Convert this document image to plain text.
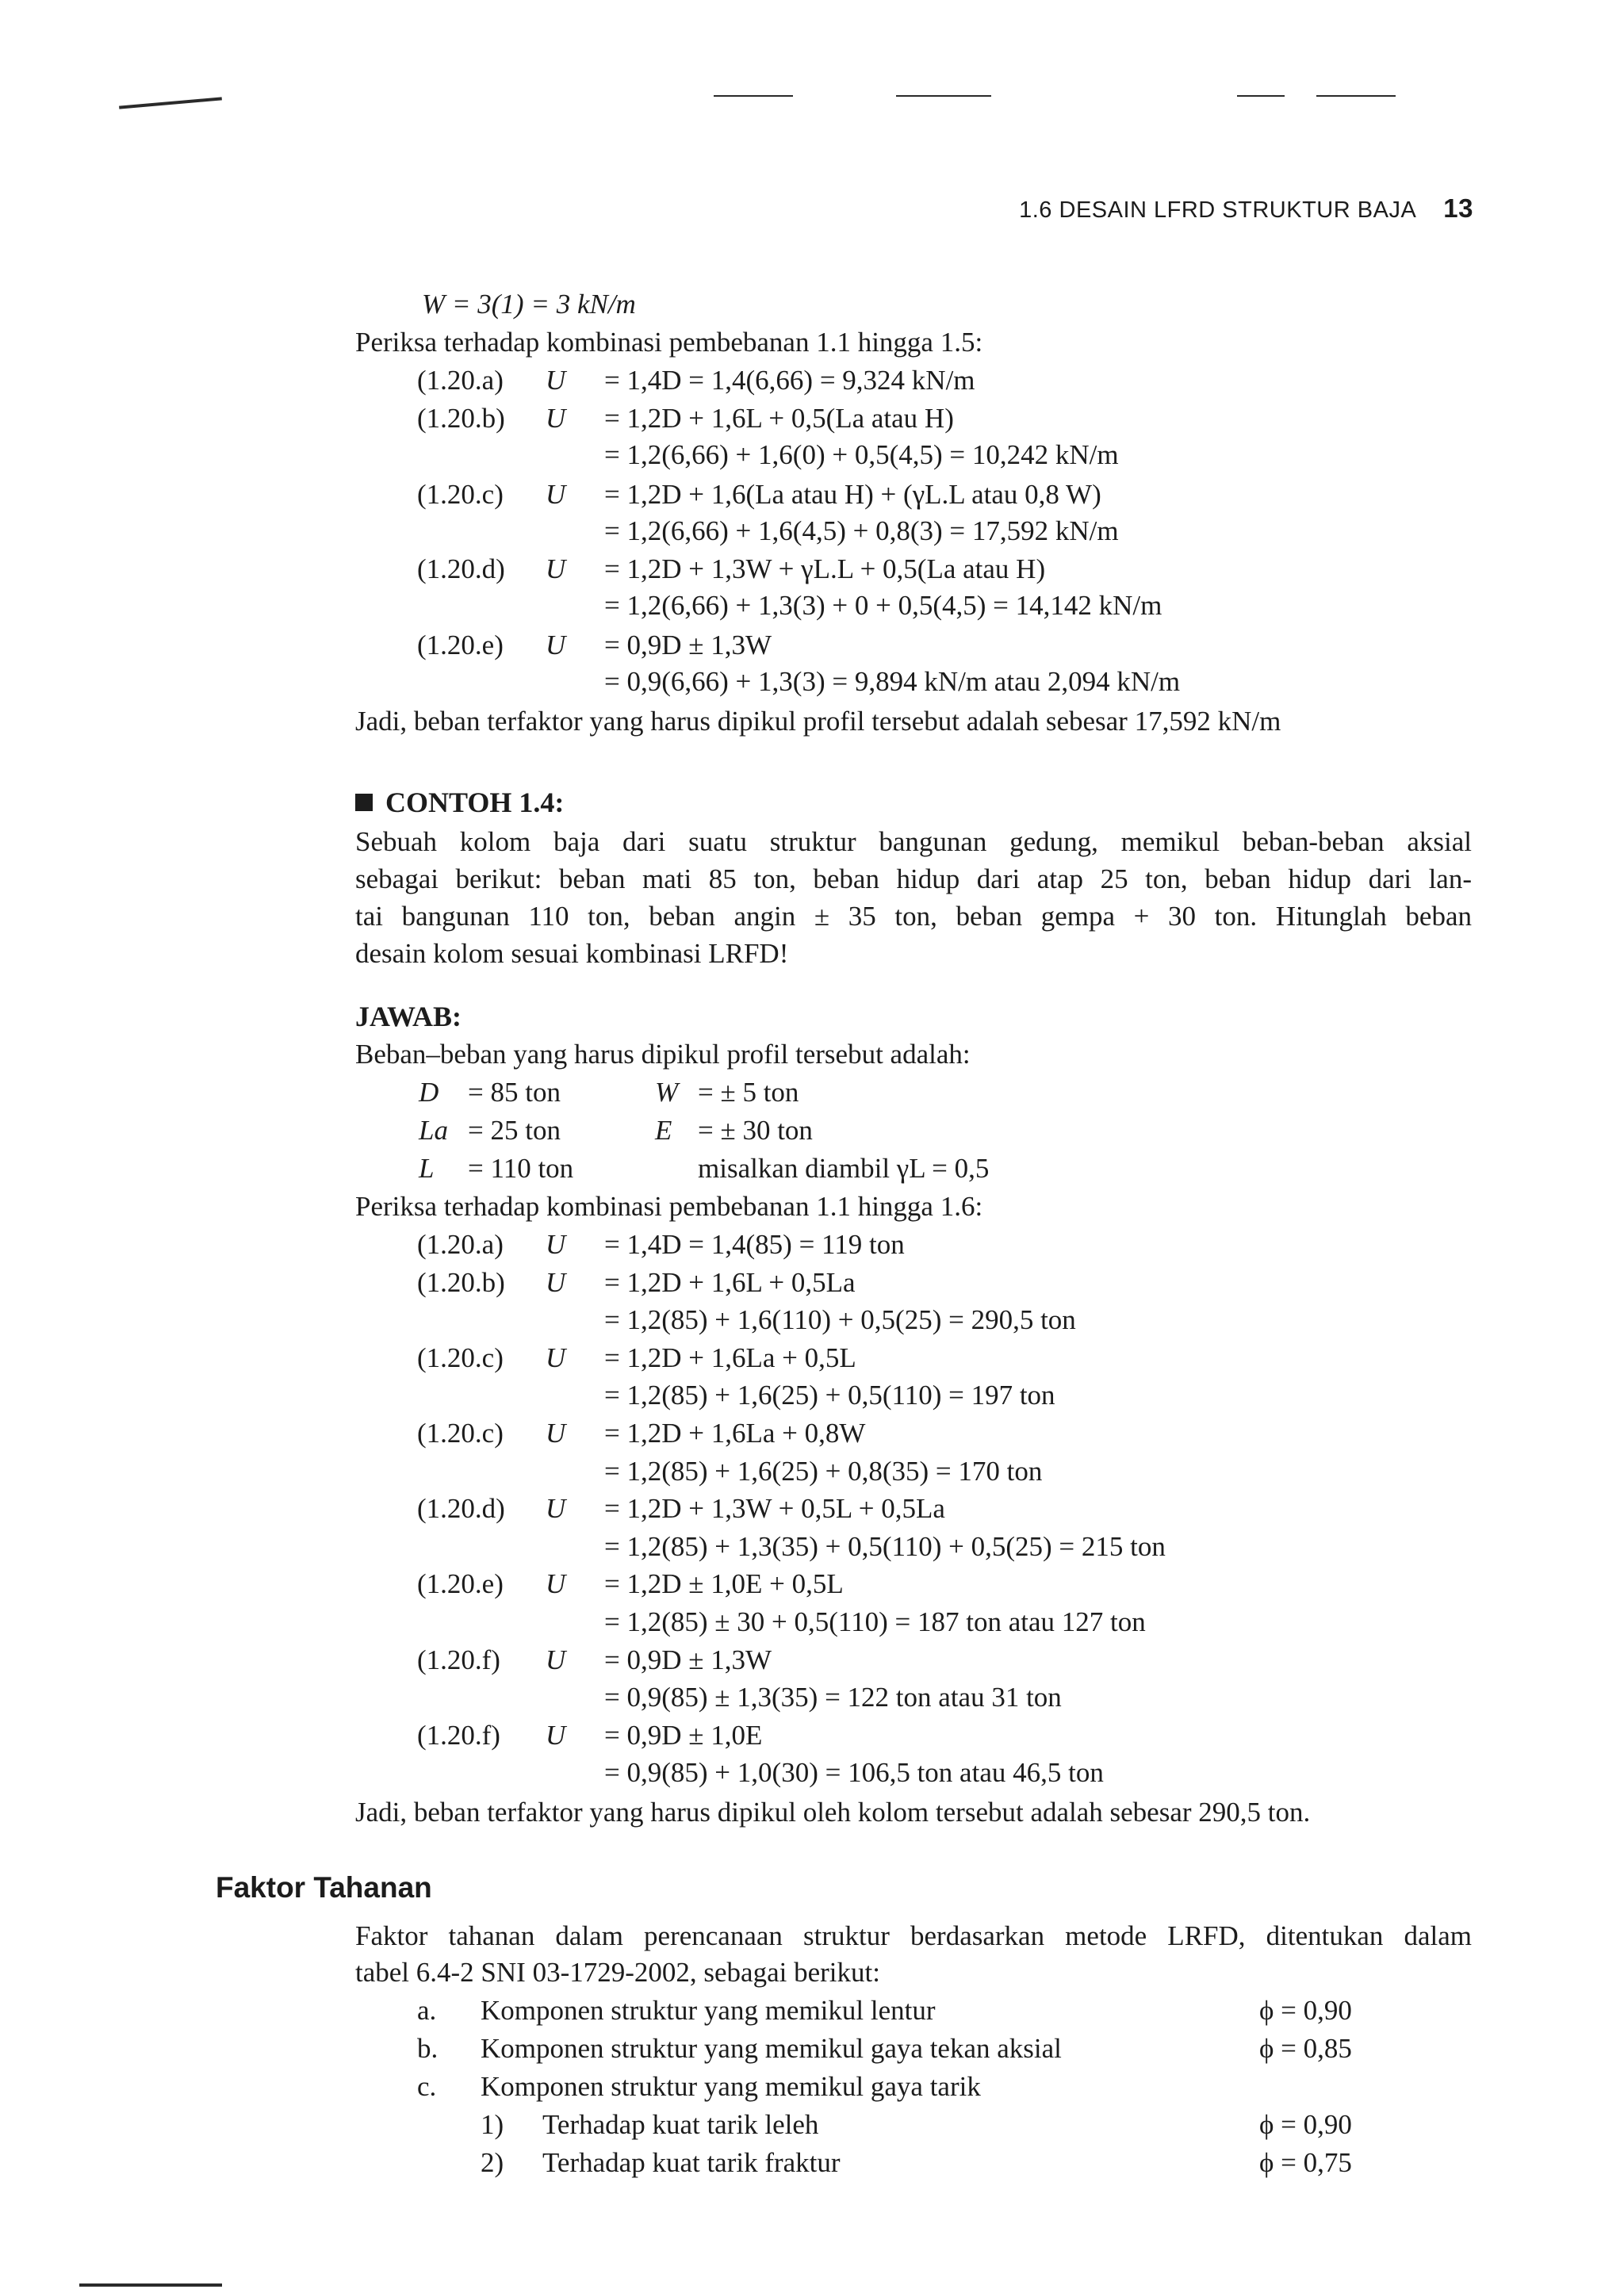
1.6 DESAIN LFRD STRUKTUR BAJA 13
W = 3(1) = 3 kN/m
Periksa terhadap kombinasi pembebanan 1.1 hingga 1.5:
(1.20.a) U = 1,4D = 1,4(6,66) = 9,324 kN/m
(1.20.b) U = 1,2D + 1,6L + 0,5(La atau H)
= 1,2(6,66) + 1,6(0) + 0,5(4,5) = 10,242 kN/m
(1.20.c) U = 1,2D + 1,6(La atau H) + (γL.L atau 0,8 W)
= 1,2(6,66) + 1,6(4,5) + 0,8(3) = 17,592 kN/m
(1.20.d) U = 1,2D + 1,3W + γL.L + 0,5(La atau H)
= 1,2(6,66) + 1,3(3) + 0 + 0,5(4,5) = 14,142 kN/m
(1.20.e) U = 0,9D ± 1,3W
= 0,9(6,66) + 1,3(3) = 9,894 kN/m atau 2,094 kN/m
Jadi, beban terfaktor yang harus dipikul profil tersebut adalah sebesar 17,592 kN/m
CONTOH 1.4:
Sebuah kolom baja dari suatu struktur bangunan gedung, memikul beban-beban aksial
sebagai berikut: beban mati 85 ton, beban hidup dari atap 25 ton, beban hidup dari lan-
tai bangunan 110 ton, beban angin ± 35 ton, beban gempa + 30 ton. Hitunglah beban
desain kolom sesuai kombinasi LRFD!
JAWAB:
Beban–beban yang harus dipikul profil tersebut adalah:
D = 85 ton	W = ± 5 ton
La = 25 ton	E = ± 30 ton
L = 110 ton	misalkan diambil γL = 0,5
Periksa terhadap kombinasi pembebanan 1.1 hingga 1.6:
(1.20.a) U = 1,4D = 1,4(85) = 119 ton
(1.20.b) U = 1,2D + 1,6L + 0,5La
= 1,2(85) + 1,6(110) + 0,5(25) = 290,5 ton
(1.20.c) U = 1,2D + 1,6La + 0,5L
= 1,2(85) + 1,6(25) + 0,5(110) = 197 ton
(1.20.c) U = 1,2D + 1,6La + 0,8W
= 1,2(85) + 1,6(25) + 0,8(35) = 170 ton
(1.20.d) U = 1,2D + 1,3W + 0,5L + 0,5La
= 1,2(85) + 1,3(35) + 0,5(110) + 0,5(25) = 215 ton
(1.20.e) U = 1,2D ± 1,0E + 0,5L
= 1,2(85) ± 30 + 0,5(110) = 187 ton atau 127 ton
(1.20.f) U = 0,9D ± 1,3W
= 0,9(85) ± 1,3(35) = 122 ton atau 31 ton
(1.20.f) U = 0,9D ± 1,0E
= 0,9(85) + 1,0(30) = 106,5 ton atau 46,5 ton
Jadi, beban terfaktor yang harus dipikul oleh kolom tersebut adalah sebesar 290,5 ton.
Faktor Tahanan
Faktor tahanan dalam perencanaan struktur berdasarkan metode LRFD, ditentukan dalam
tabel 6.4-2 SNI 03-1729-2002, sebagai berikut:
a. Komponen struktur yang memikul lentur	ϕ = 0,90
b. Komponen struktur yang memikul gaya tekan aksial	ϕ = 0,85
c. Komponen struktur yang memikul gaya tarik
1) Terhadap kuat tarik leleh	ϕ = 0,90
2) Terhadap kuat tarik fraktur	ϕ = 0,75
